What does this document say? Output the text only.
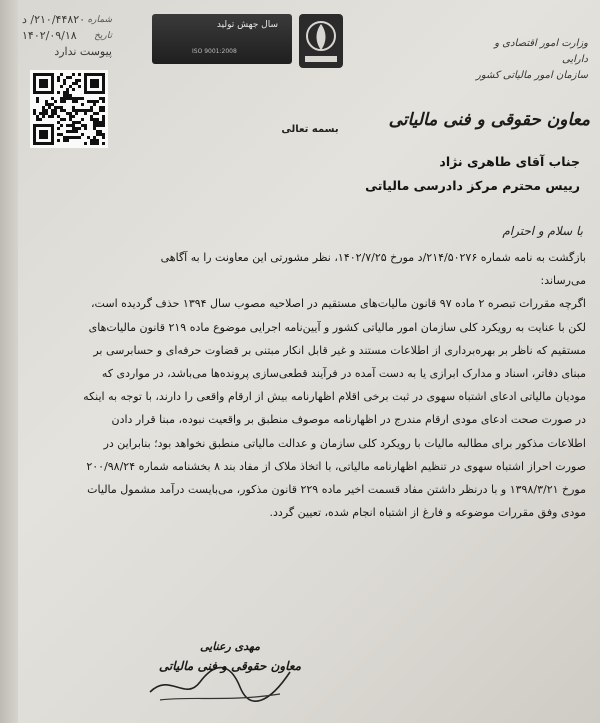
شماره
۲۱۰/۴۴۸۲۰/ د
تاریخ
۱۴۰۲/۰۹/۱۸
پیوست ندارد
سال جهش تولید
ISO 9001:2008
وزارت امور اقتصادی و دارایی
سازمان امور مالیاتی کشور
معاون حقوقی و فنی مالیاتی
بسمه تعالی
جناب آقای طاهری نژاد
رییس محترم مرکز دادرسی مالیاتی
با سلام و احترام
بازگشت به نامه شماره ۲۱۴/۵۰۲۷۶/د مورخ ۱۴۰۲/۷/۲۵، نظر مشورتی این معاونت را به آگاهی
می‌رساند:
اگرچه مقررات تبصره ۲ ماده ۹۷ قانون مالیات‌های مستقیم در اصلاحیه مصوب سال ۱۳۹۴ حذف گردیده است،
لکن با عنایت به رویکرد کلی سازمان امور مالیاتی کشور و آیین‌نامه اجرایی موضوع ماده ۲۱۹ قانون مالیات‌های
مستقیم که ناظر بر بهره‌برداری از اطلاعات مستند و غیر قابل انکار مبتنی بر قضاوت حرفه‌ای و حسابرسی بر
مبنای دفاتر، اسناد و مدارک ابرازی یا به دست آمده در فرآیند قطعی‌سازی پرونده‌ها می‌باشد، در مواردی که
مودیان مالیاتی ادعای اشتباه سهوی در ثبت برخی اقلام اظهارنامه بیش از ارقام واقعی را دارند، با توجه به اینکه
در صورت صحت ادعای مودی ارقام مندرج در اظهارنامه موصوف منطبق بر واقعیت نبوده، مبنا قرار دادن
اطلاعات مذکور برای مطالبه مالیات با رویکرد کلی سازمان و عدالت مالیاتی منطبق نخواهد بود؛ بنابراین در
صورت احراز اشتباه سهوی در تنظیم اظهارنامه مالیاتی، با اتخاذ ملاک از مفاد بند ۸ بخشنامه شماره ۲۰۰/۹۸/۲۴
مورخ ۱۳۹۸/۳/۲۱ و با درنظر داشتن مفاد قسمت اخیر ماده ۲۲۹ قانون مذکور، می‌بایست درآمد مشمول مالیات
مودی وفق مقررات موضوعه و فارغ از اشتباه انجام شده، تعیین گردد.
مهدی رعنایی
معاون حقوقی و فنی مالیاتی
